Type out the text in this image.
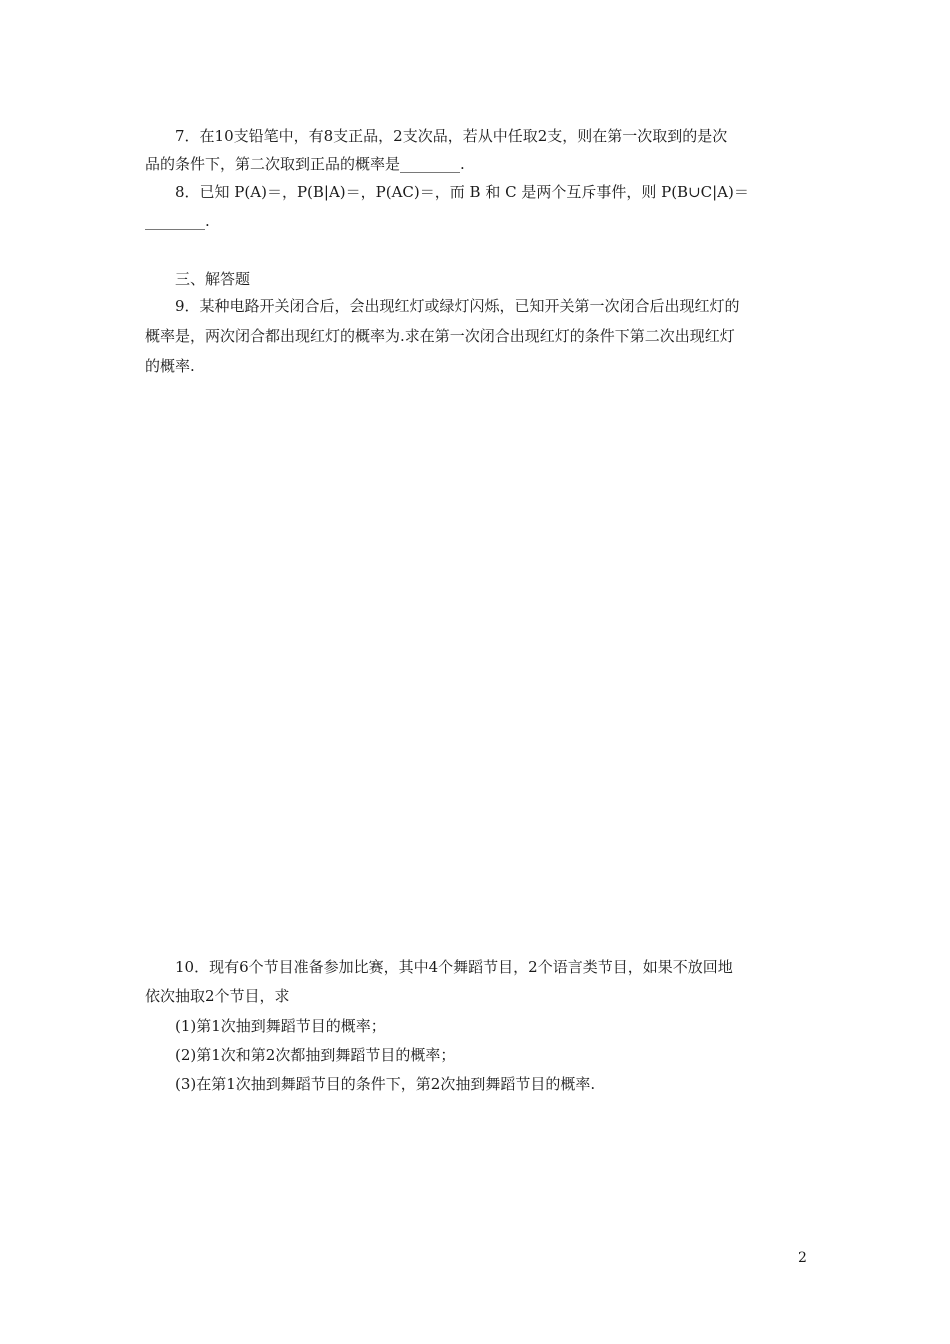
7．在10支铅笔中，有8支正品，2支次品，若从中任取2支，则在第一次取到的是次
品的条件下，第二次取到正品的概率是________.
8．已知 P(A)＝，P(B|A)＝，P(AC)＝，而 B 和 C 是两个互斥事件，则 P(B∪C|A)＝
________.
三、解答题
9．某种电路开关闭合后，会出现红灯或绿灯闪烁，已知开关第一次闭合后出现红灯的
概率是，两次闭合都出现红灯的概率为.求在第一次闭合出现红灯的条件下第二次出现红灯
的概率.
10．现有6个节目准备参加比赛，其中4个舞蹈节目，2个语言类节目，如果不放回地
依次抽取2个节目，求
(1)第1次抽到舞蹈节目的概率；
(2)第1次和第2次都抽到舞蹈节目的概率；
(3)在第1次抽到舞蹈节目的条件下，第2次抽到舞蹈节目的概率.
2
